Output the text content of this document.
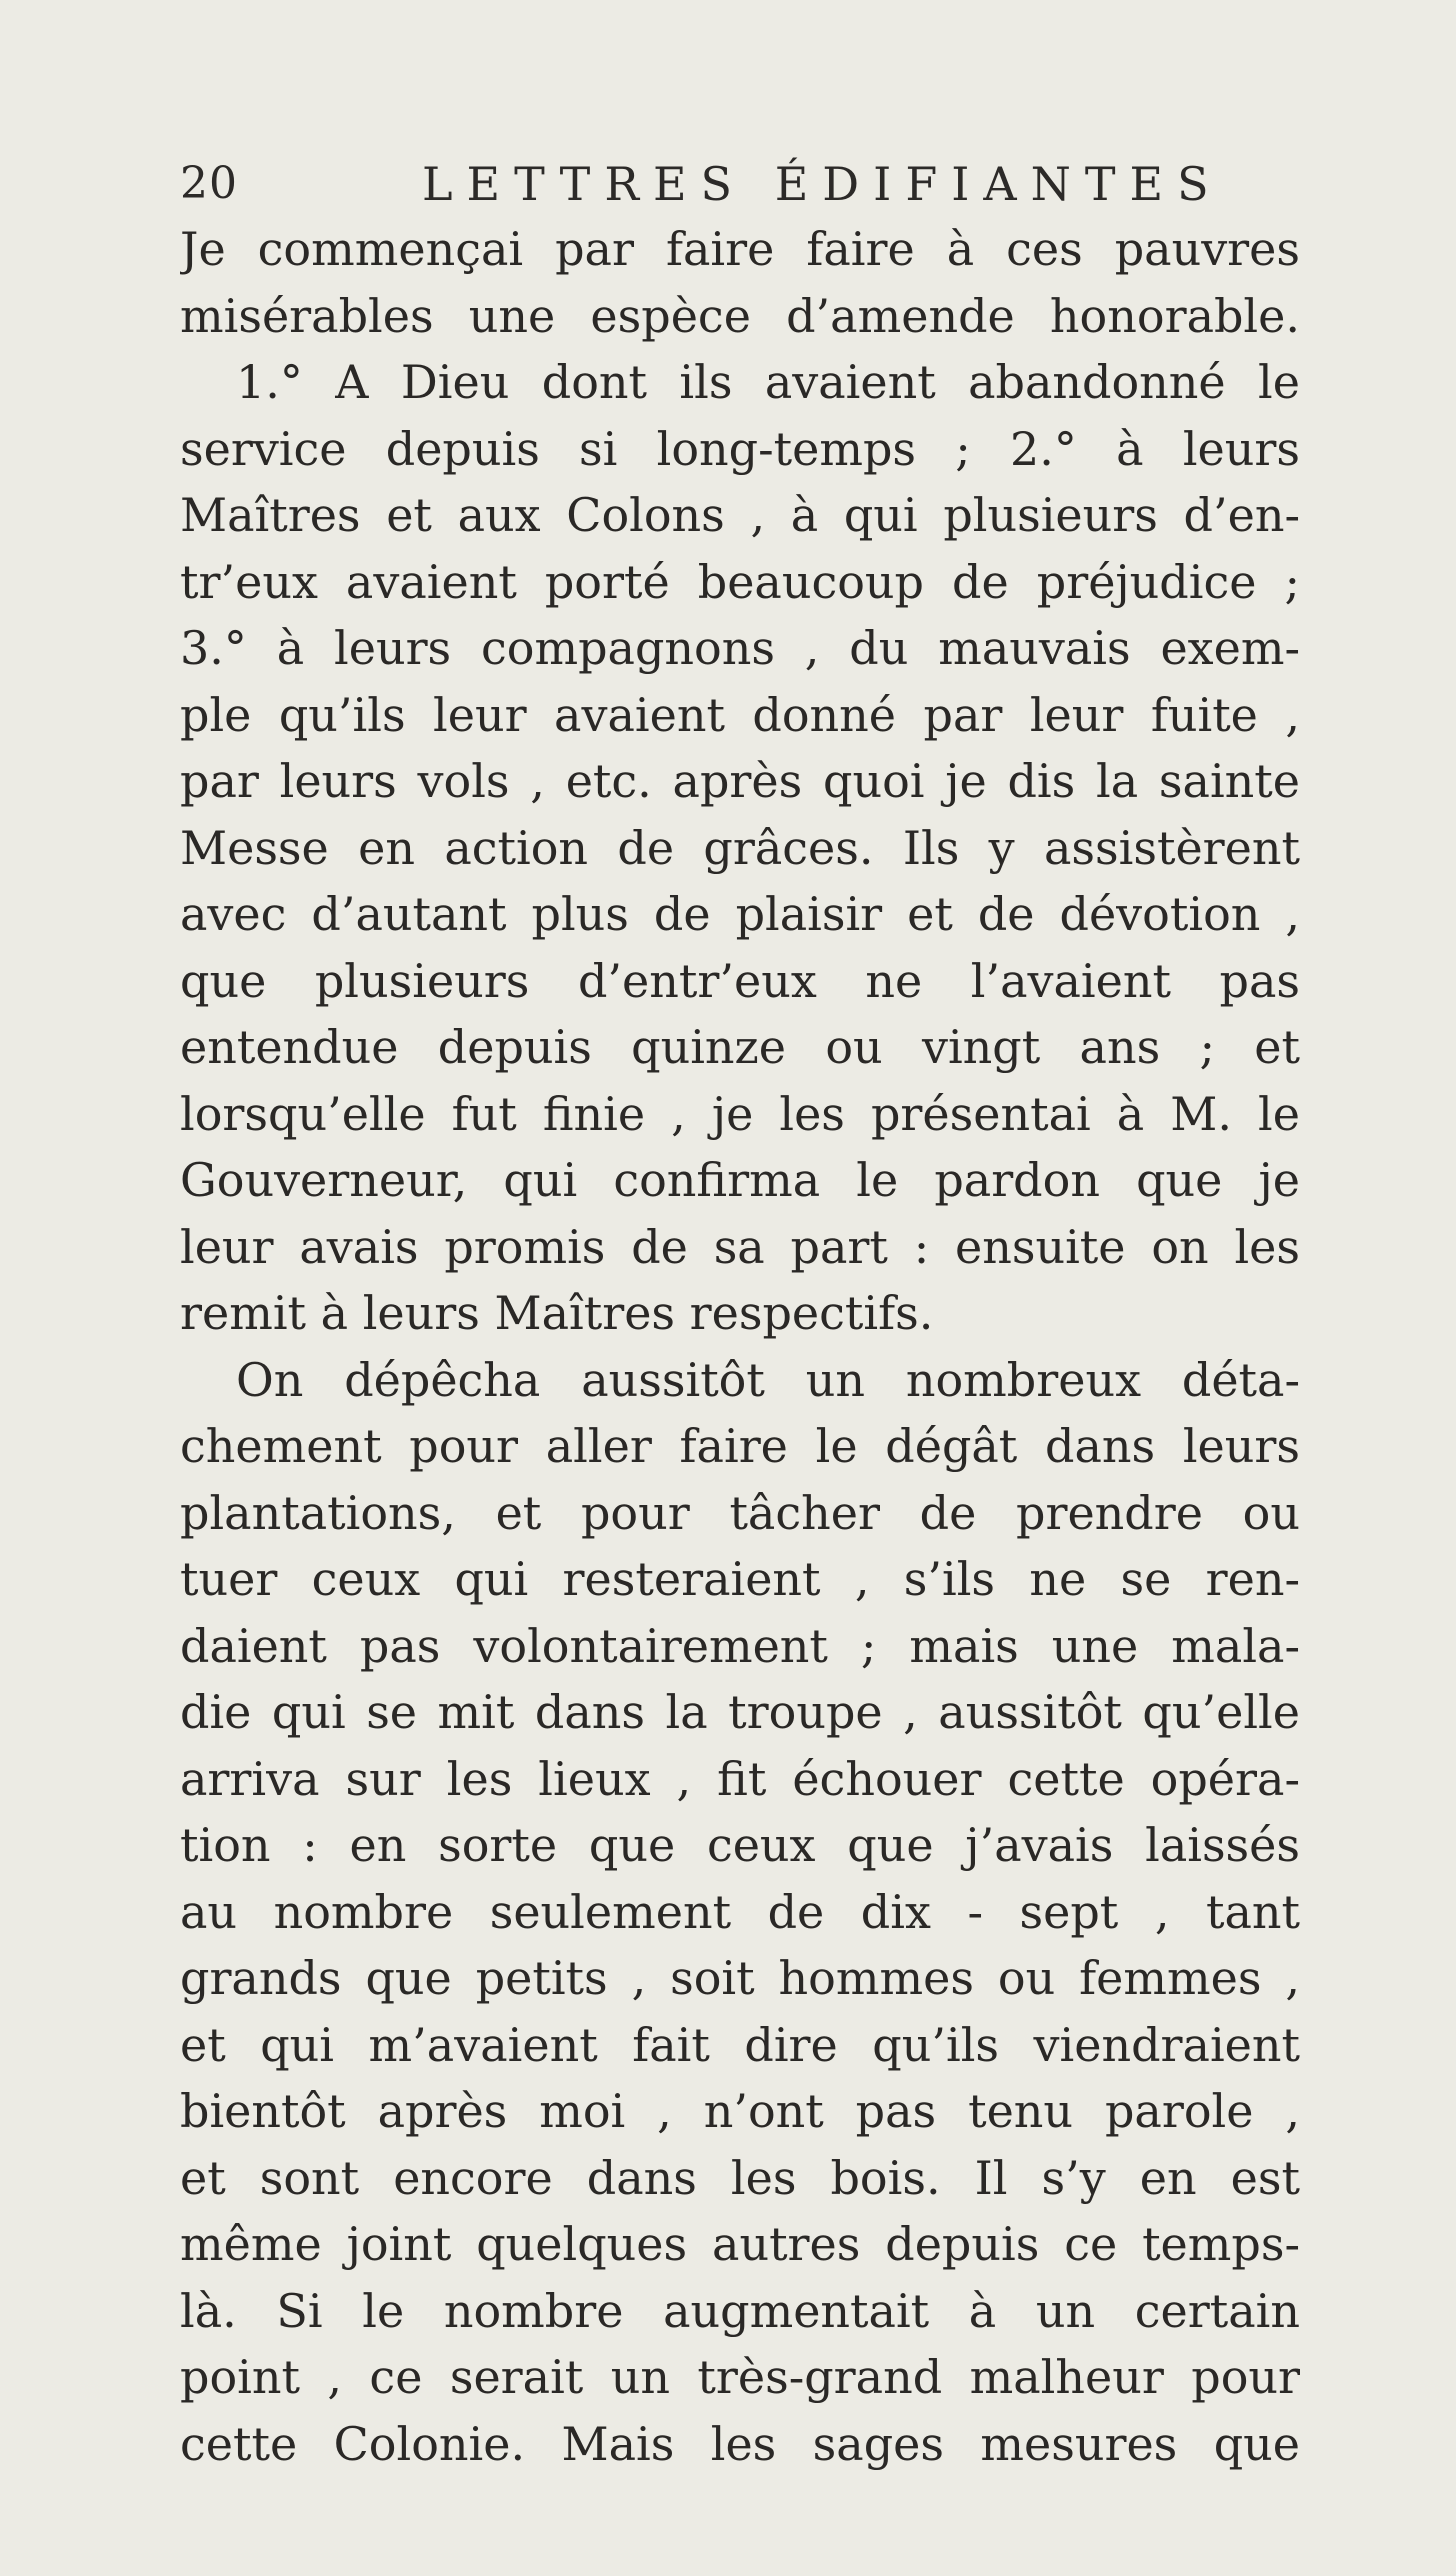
20	LETTRES ÉDIFIANTES
Je commençai par faire faire à ces pauvres
misérables une espèce d’amende honorable.
1.° A Dieu dont ils avaient abandonné le
service depuis si long-temps ; 2.° à leurs
Maîtres et aux Colons , à qui plusieurs d’en-
tr’eux avaient porté beaucoup de préjudice ;
3.° à leurs compagnons , du mauvais exem-
ple qu’ils leur avaient donné par leur fuite ,
par leurs vols , etc. après quoi je dis la sainte
Messe en action de grâces. Ils y assistèrent
avec d’autant plus de plaisir et de dévotion ,
que plusieurs d’entr’eux ne l’avaient pas
entendue depuis quinze ou vingt ans ; et
lorsqu’elle fut finie , je les présentai à M. le
Gouverneur, qui confirma le pardon que je
leur avais promis de sa part : ensuite on les
remit à leurs Maîtres respectifs.
On dépêcha aussitôt un nombreux déta-
chement pour aller faire le dégât dans leurs
plantations, et pour tâcher de prendre ou
tuer ceux qui resteraient , s’ils ne se ren-
daient pas volontairement ; mais une mala-
die qui se mit dans la troupe , aussitôt qu’elle
arriva sur les lieux , fit échouer cette opéra-
tion : en sorte que ceux que j’avais laissés
au nombre seulement de dix - sept , tant
grands que petits , soit hommes ou femmes ,
et qui m’avaient fait dire qu’ils viendraient
bientôt après moi , n’ont pas tenu parole ,
et sont encore dans les bois. Il s’y en est
même joint quelques autres depuis ce temps-
là. Si le nombre augmentait à un certain
point , ce serait un très-grand malheur pour
cette Colonie. Mais les sages mesures que
